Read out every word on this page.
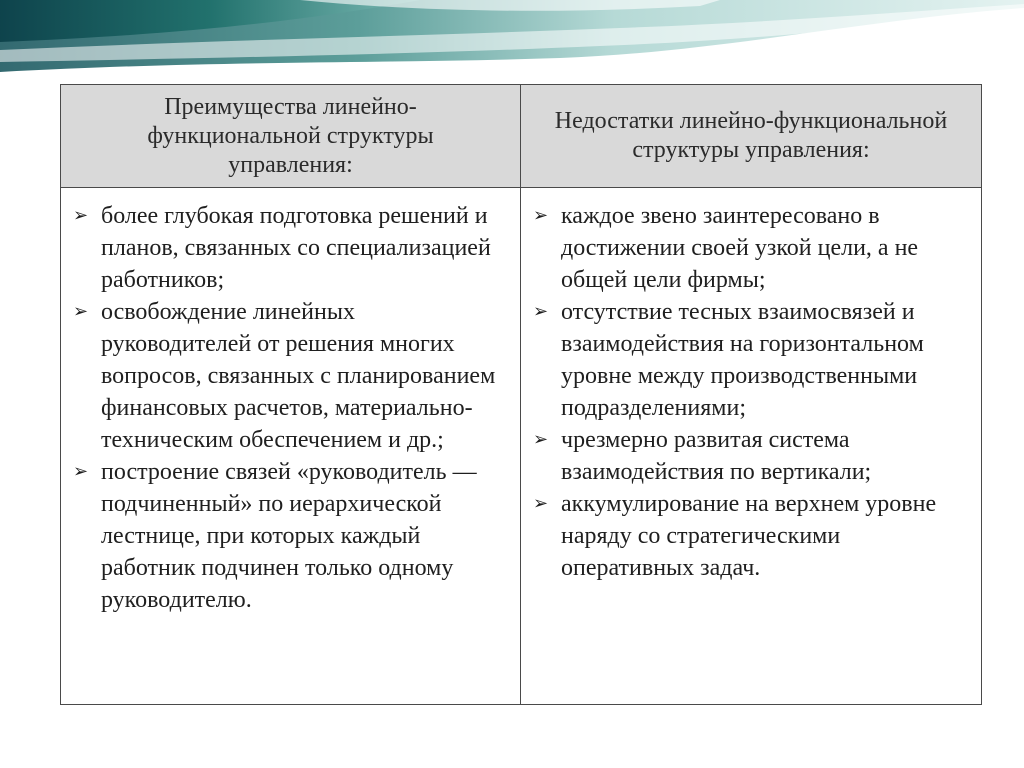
Преимущества линейно-функциональной структуры управления:
Недостатки линейно-функциональной структуры управления:
➢ более глубокая подготовка решений и планов, связанных со специализацией работников;
➢ освобождение линейных руководителей от решения многих вопросов, связанных с планированием финансовых расчетов, материально-техническим обеспечением и др.;
➢ построение связей «руководитель — подчиненный» по иерархической лестнице, при которых каждый работник подчинен только одному руководителю.
➢ каждое звено заинтересовано в достижении своей узкой цели, а не общей цели фирмы;
➢ отсутствие тесных взаимосвязей и взаимодействия на горизонтальном уровне между производственными подразделениями;
➢ чрезмерно развитая система взаимодействия по вертикали;
➢ аккумулирование на верхнем уровне наряду со стратегическими оперативных задач.
